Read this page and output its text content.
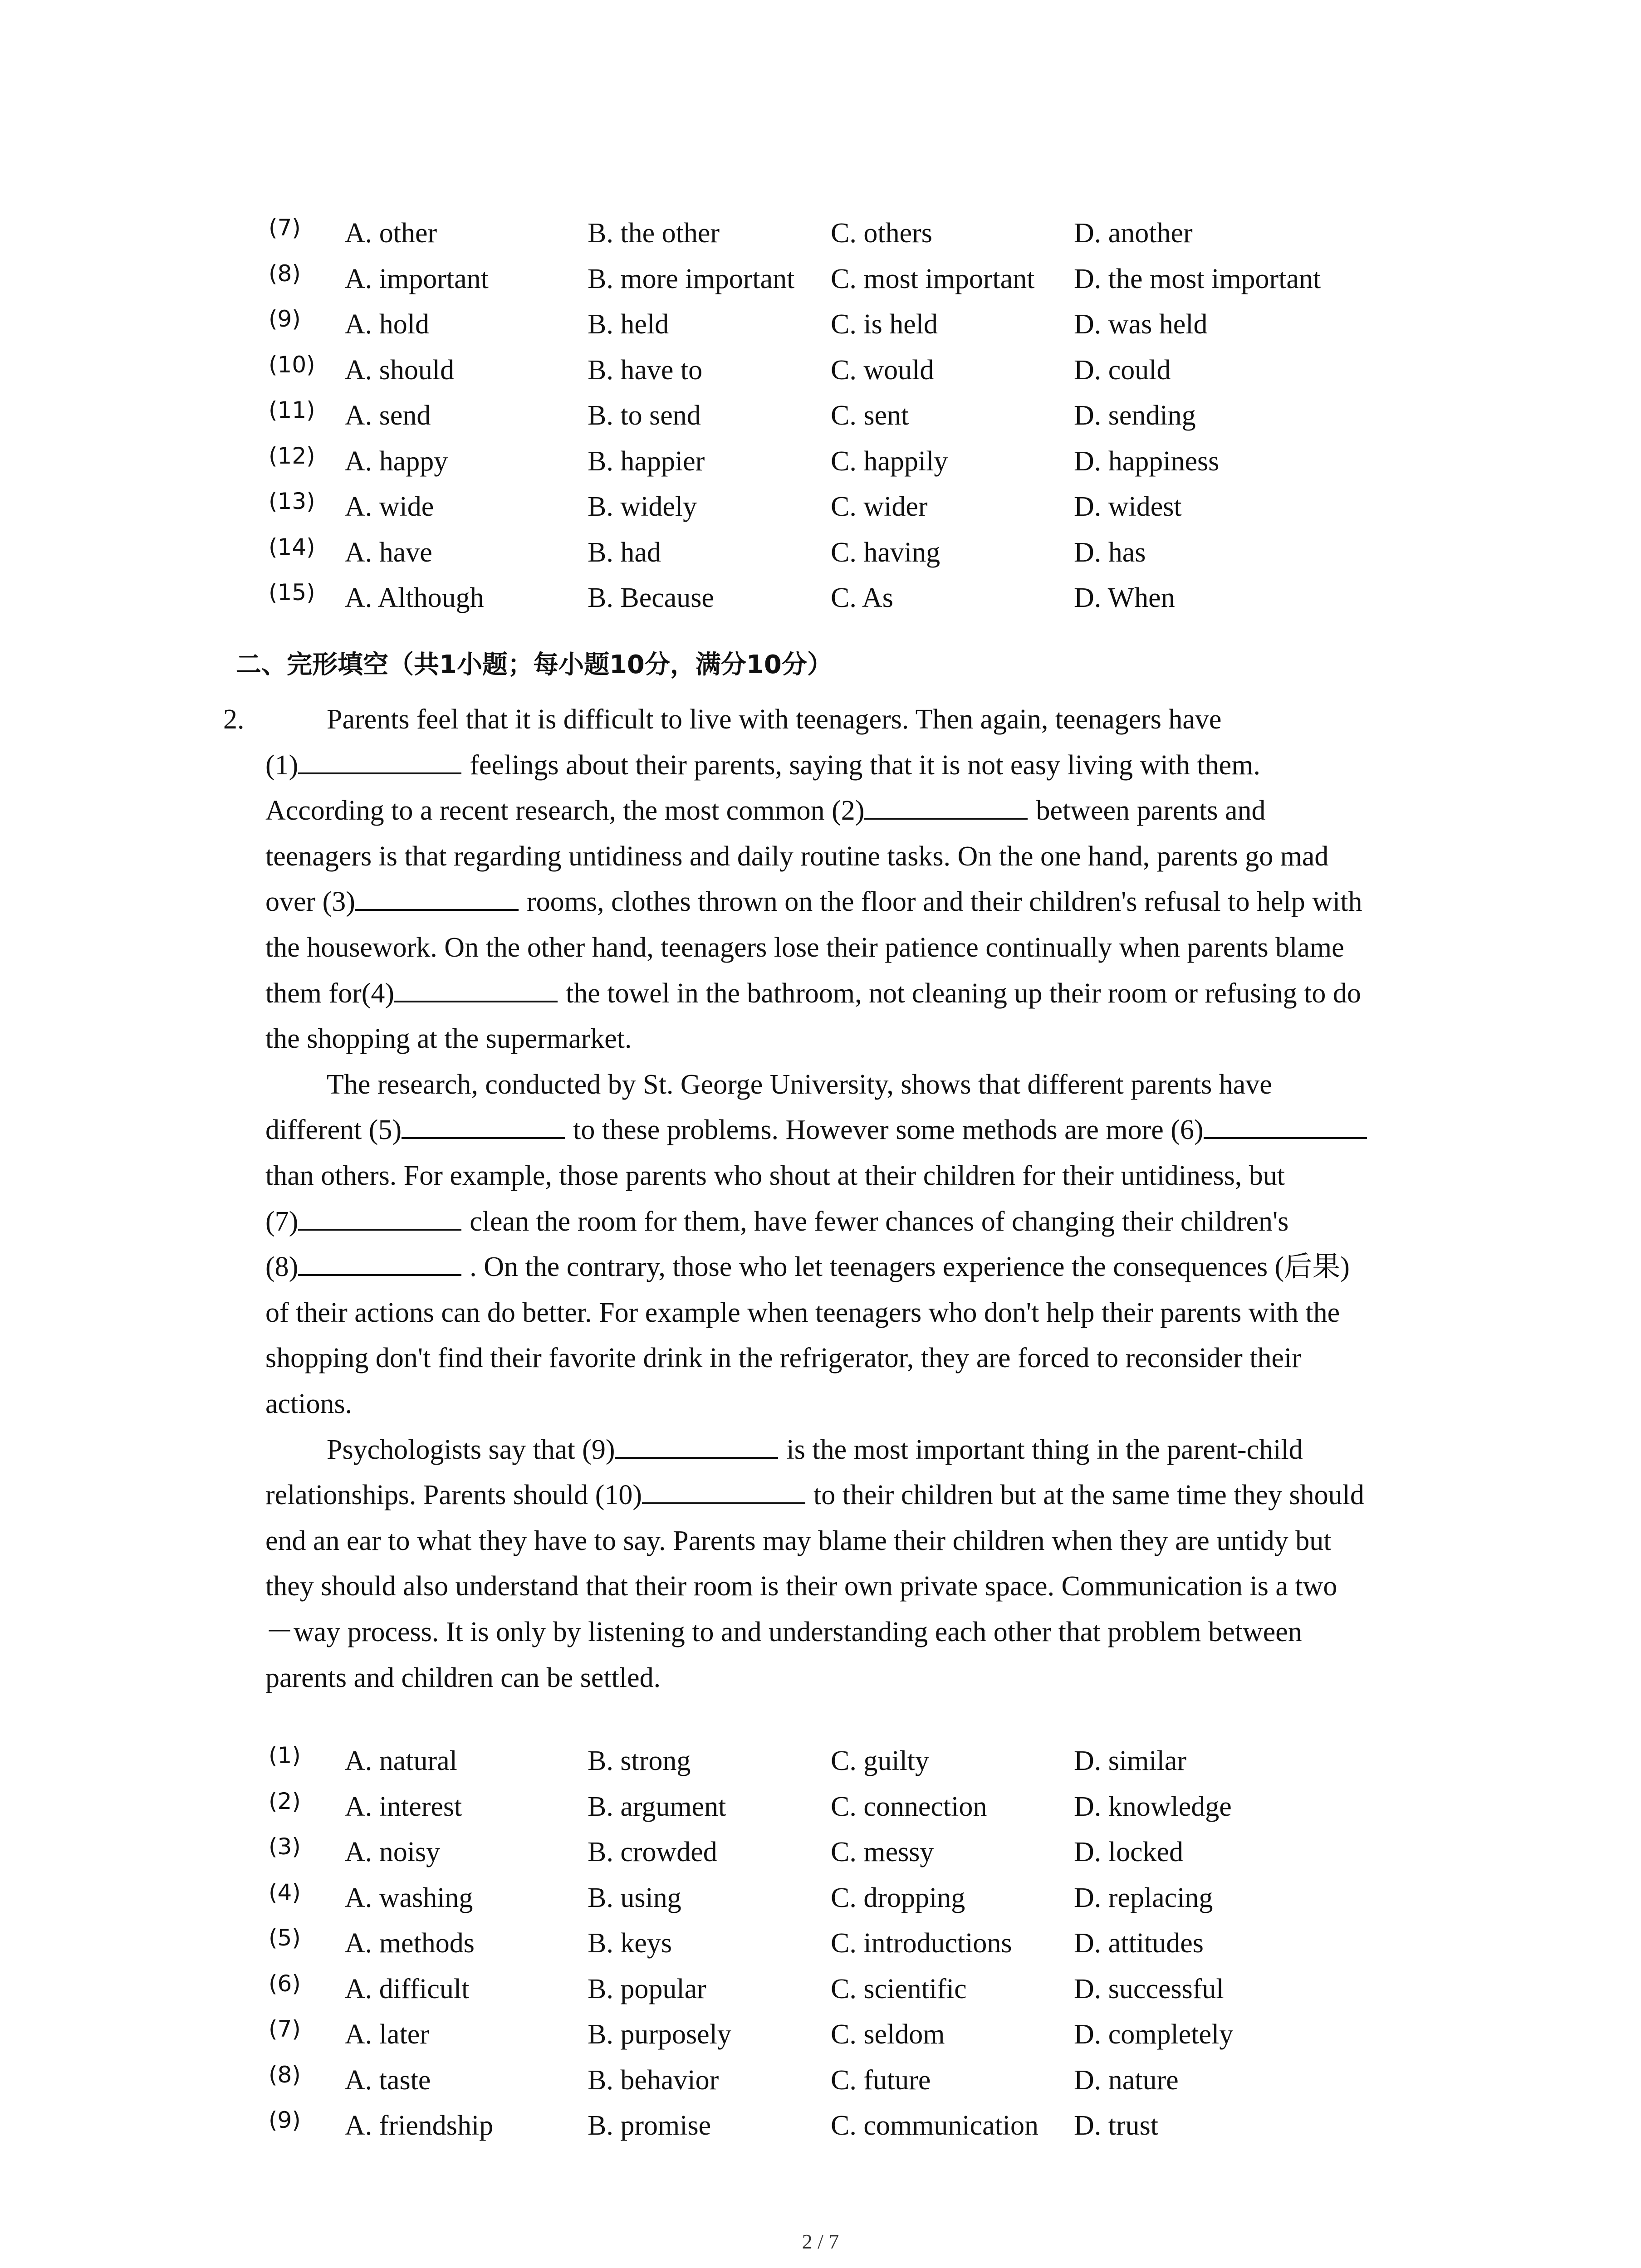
(7) A. other	B. the other	C. others	D. another
(8) A. important	B. more important C. most important D. the most important
(9) A. hold	B. held	C. is held	D. was held
(10) A. should	B. have to	C. would	D. could
(11) A. send	B. to send	C. sent	D. sending
(12) A. happy	B. happier	C. happily	D. happiness
(13) A. wide	B. widely	C. wider	D. widest
(14) A. have	B. had	C. having	D. has
(15) A. Although	B. Because	C. As	D. When
二、完形填空（共1小题；每小题10分，满分10分）
2.	Parents feel that it is difficult to live with teenagers. Then again, teenagers have
(1)	feelings about their parents, saying that it is not easy living with them.
According to a recent research, the most common (2)	between parents and
teenagers is that regarding untidiness and daily routine tasks. On the one hand, parents go mad
over (3)	rooms, clothes thrown on the floor and their children's refusal to help with
the housework. On the other hand, teenagers lose their patience continually when parents blame
them for(4)	the towel in the bathroom, not cleaning up their room or refusing to do
the shopping at the supermarket.
The research, conducted by St. George University, shows that different parents have
different (5)	to these problems. However some methods are more (6)
than others. For example, those parents who shout at their children for their untidiness, but
(7)	clean the room for them, have fewer chances of changing their children's
(8)	. On the contrary, those who let teenagers experience the consequences (后果)
of their actions can do better. For example when teenagers who don't help their parents with the
shopping don't find their favorite drink in the refrigerator, they are forced to reconsider their
actions.
Psychologists say that (9)	is the most important thing in the parent-child
relationships. Parents should (10)	to their children but at the same time they should
end an ear to what they have to say. Parents may blame their children when they are untidy but
they should also understand that their room is their own private space. Communication is a two
－way process. It is only by listening to and understanding each other that problem between
parents and children can be settled.
(1) A. natural	B. strong	C. guilty	D. similar
(2) A. interest	B. argument	C. connection	D. knowledge
(3) A. noisy	B. crowded	C. messy	D. locked
(4) A. washing	B. using	C. dropping	D. replacing
(5) A. methods	B. keys	C. introductions D. attitudes
(6) A. difficult	B. popular	C. scientific	D. successful
(7) A. later	B. purposely	C. seldom	D. completely
(8) A. taste	B. behavior	C. future	D. nature
(9) A. friendship	B. promise	C. communication D. trust
2 / 7
